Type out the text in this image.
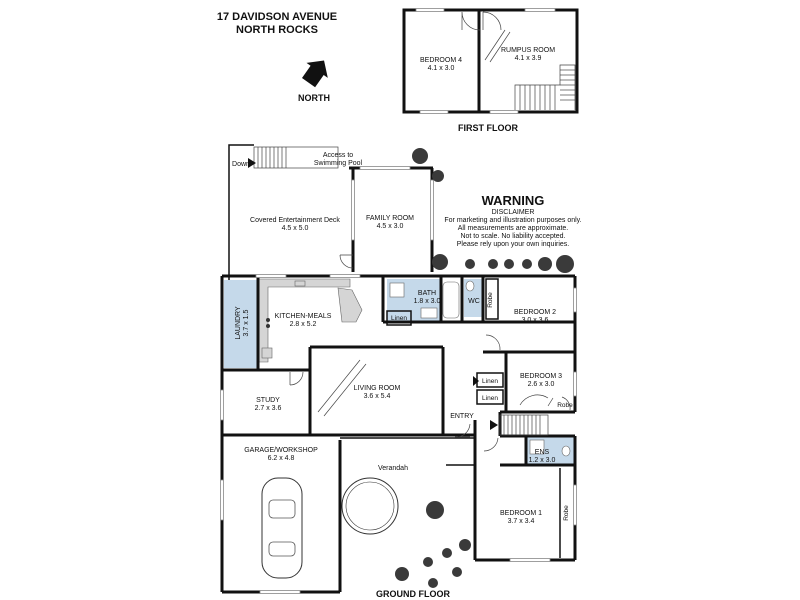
17 DAVIDSON AVENUE
NORTH ROCKS
NORTH
BEDROOM 4
4.1 x 3.0
RUMPUS ROOM
4.1 x 3.9
FIRST FLOOR
WARNING
DISCLAIMER
For marketing and illustration purposes only.
All measurements are approximate.
Not to scale. No liability accepted.
Please rely upon your own inquiries.
Down
Access to
Swimming Pool
Covered Entertainment Deck
4.5 x 5.0
FAMILY ROOM
4.5 x 3.0
BATH
1.8 x 3.0	WC
Linen
BEDROOM 2
3.0 x 3.6
Robe
LAUNDRY 3.7 x 1.5	KITCHEN-MEALS
2.8 x 5.2
LIVING ROOM
3.6 x 5.4
Linen
Linen
BEDROOM 3
2.6 x 3.0
Robe
STUDY
2.7 x 3.6
ENTRY
GARAGE/WORKSHOP
6.2 x 4.8
Verandah
ENS
1.2 x 3.0
BEDROOM 1
3.7 x 3.4
Robe
GROUND FLOOR
